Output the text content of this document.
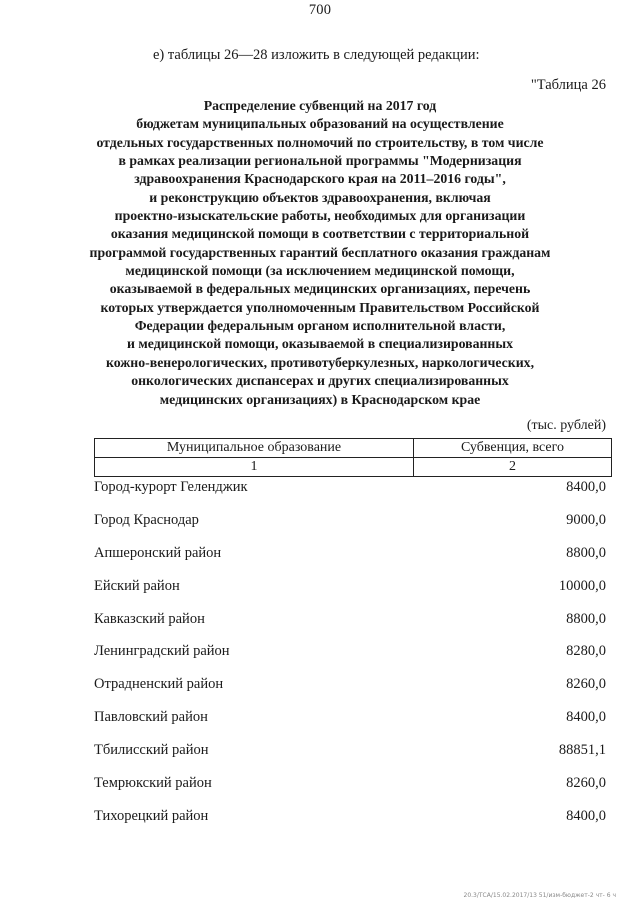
700
е) таблицы 26—28 изложить в следующей редакции:
"Таблица 26
Распределение субвенций на 2017 год
бюджетам муниципальных образований на осуществление
отдельных государственных полномочий по строительству, в том числе
в рамках реализации региональной программы "Модернизация
здравоохранения Краснодарского края на 2011–2016 годы",
и реконструкцию объектов здравоохранения, включая
проектно-изыскательские работы, необходимых для организации
оказания медицинской помощи в соответствии с территориальной
программой государственных гарантий бесплатного оказания гражданам
медицинской помощи (за исключением медицинской помощи,
оказываемой в федеральных медицинских организациях, перечень
которых утверждается уполномоченным Правительством Российской
Федерации федеральным органом исполнительной власти,
и медицинской помощи, оказываемой в специализированных
кожно-венерологических, противотуберкулезных, наркологических,
онкологических диспансерах и других специализированных
медицинских организациях) в Краснодарском крае
(тыс. рублей)
Муниципальное образование	Субвенция, всего
1	2
Город-курорт Геленджик	8400,0
Город Краснодар	9000,0
Апшеронский район	8800,0
Ейский район	10000,0
Кавказский район	8800,0
Ленинградский район	8280,0
Отрадненский район	8260,0
Павловский район	8400,0
Тбилисский район	88851,1
Темрюкский район	8260,0
Тихорецкий район	8400,0
20.3/ТСА/15.02.2017/13 51/изм-бюджет-2 чт- 6 ч
